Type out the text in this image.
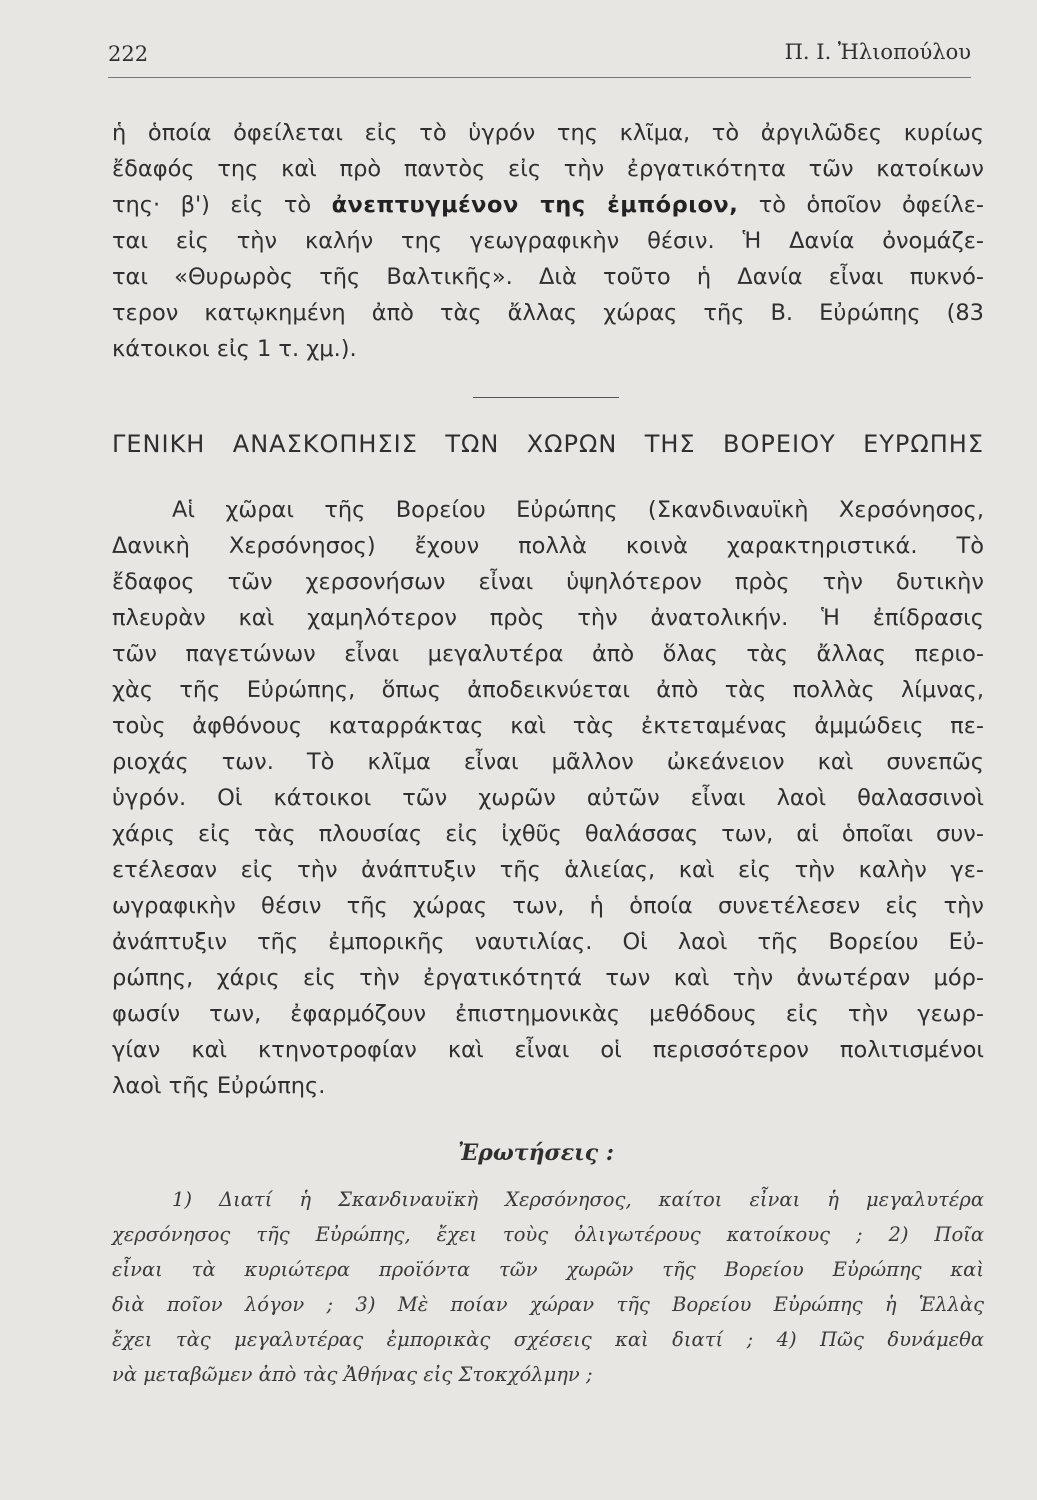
222	Π. Ι. Ἠλιοπούλου
ἡ ὁποία ὀφείλεται εἰς τὸ ὑγρόν της κλῖμα, τὸ ἀργιλῶδες κυρίως
ἔδαφός της καὶ πρὸ παντὸς εἰς τὴν ἐργατικότητα τῶν κατοίκων
της· β') εἰς τὸ ἀνεπτυγμένον της ἐμπόριον, τὸ ὁποῖον ὀφείλε-
ται εἰς τὴν καλήν της γεωγραφικὴν θέσιν. Ἡ Δανία ὀνομάζε-
ται «Θυρωρὸς τῆς Βαλτικῆς». Διὰ τοῦτο ἡ Δανία εἶναι πυκνό-
τερον κατῳκημένη ἀπὸ τὰς ἄλλας χώρας τῆς Β. Εὐρώπης (83
κάτοικοι εἰς 1 τ. χμ.).
ΓΕΝΙΚΗ ΑΝΑΣΚΟΠΗΣΙΣ ΤΩΝ ΧΩΡΩΝ ΤΗΣ ΒΟΡΕΙΟΥ ΕΥΡΩΠΗΣ
Αἱ χῶραι τῆς Βορείου Εὐρώπης (Σκανδιναυϊκὴ Χερσόνησος,
Δανικὴ Χερσόνησος) ἔχουν πολλὰ κοινὰ χαρακτηριστικά. Τὸ
ἔδαφος τῶν χερσονήσων εἶναι ὑψηλότερον πρὸς τὴν δυτικὴν
πλευρὰν καὶ χαμηλότερον πρὸς τὴν ἀνατολικήν. Ἡ ἐπίδρασις
τῶν παγετώνων εἶναι μεγαλυτέρα ἀπὸ ὅλας τὰς ἄλλας περιο-
χὰς τῆς Εὐρώπης, ὅπως ἀποδεικνύεται ἀπὸ τὰς πολλὰς λίμνας,
τοὺς ἀφθόνους καταρράκτας καὶ τὰς ἐκτεταμένας ἀμμώδεις πε-
ριοχάς των. Τὸ κλῖμα εἶναι μᾶλλον ὠκεάνειον καὶ συνεπῶς
ὑγρόν. Οἱ κάτοικοι τῶν χωρῶν αὐτῶν εἶναι λαοὶ θαλασσινοὶ
χάρις εἰς τὰς πλουσίας εἰς ἰχθῦς θαλάσσας των, αἱ ὁποῖαι συν-
ετέλεσαν εἰς τὴν ἀνάπτυξιν τῆς ἁλιείας, καὶ εἰς τὴν καλὴν γε-
ωγραφικὴν θέσιν τῆς χώρας των, ἡ ὁποία συνετέλεσεν εἰς τὴν
ἀνάπτυξιν τῆς ἐμπορικῆς ναυτιλίας. Οἱ λαοὶ τῆς Βορείου Εὐ-
ρώπης, χάρις εἰς τὴν ἐργατικότητά των καὶ τὴν ἀνωτέραν μόρ-
φωσίν των, ἐφαρμόζουν ἐπιστημονικὰς μεθόδους εἰς τὴν γεωρ-
γίαν καὶ κτηνοτροφίαν καὶ εἶναι οἱ περισσότερον πολιτισμένοι
λαοὶ τῆς Εὐρώπης.
Ἐρωτήσεις :
1) Διατί ἡ Σκανδιναυϊκὴ Χερσόνησος, καίτοι εἶναι ἡ μεγαλυτέρα
χερσόνησος τῆς Εὐρώπης, ἔχει τοὺς ὀλιγωτέρους κατοίκους ; 2) Ποῖα
εἶναι τὰ κυριώτερα προϊόντα τῶν χωρῶν τῆς Βορείου Εὐρώπης καὶ
διὰ ποῖον λόγον ; 3) Μὲ ποίαν χώραν τῆς Βορείου Εὐρώπης ἡ Ἑλλὰς
ἔχει τὰς μεγαλυτέρας ἐμπορικὰς σχέσεις καὶ διατί ; 4) Πῶς δυνάμεθα
νὰ μεταβῶμεν ἀπὸ τὰς Ἀθήνας εἰς Στοκχόλμην ;
